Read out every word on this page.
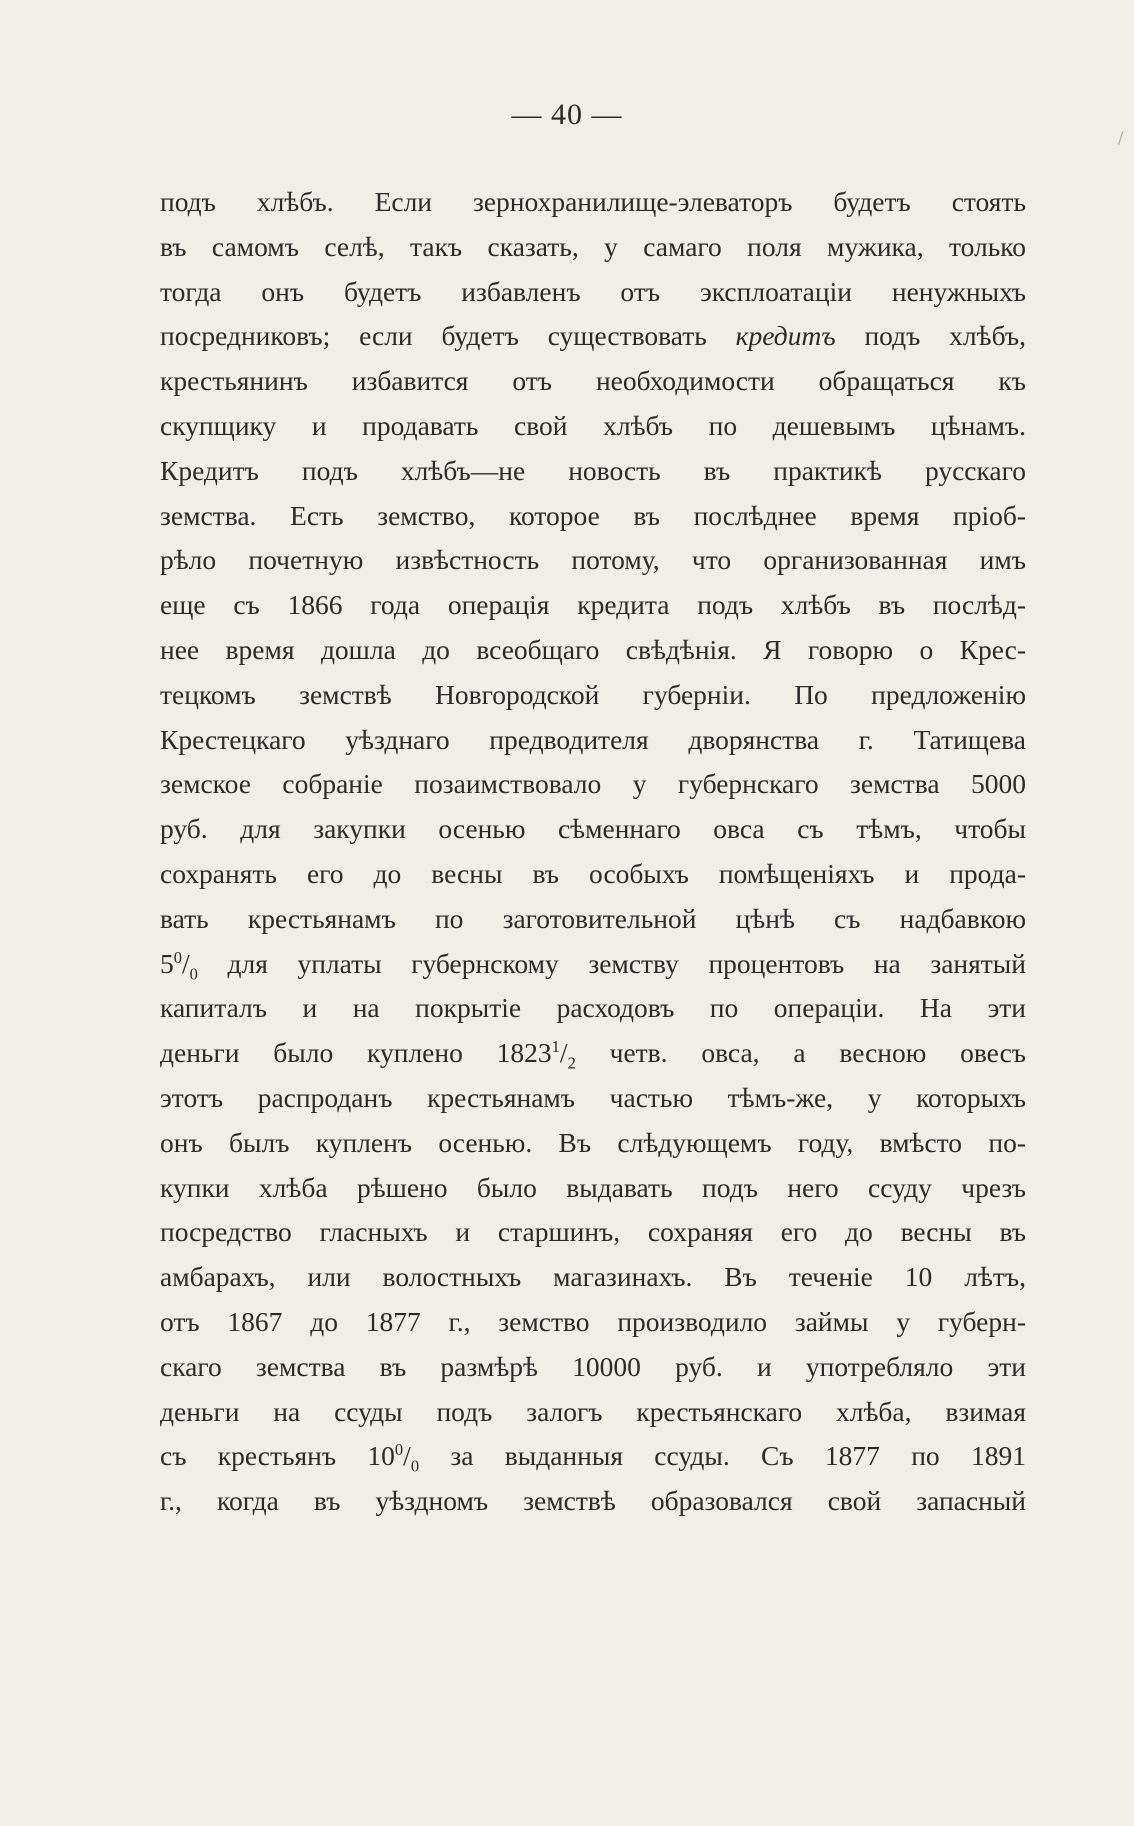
— 40 —
подъ хлѣбъ. Если зернохранилище-элеваторъ будетъ стоять
въ самомъ селѣ, такъ сказать, у самаго поля мужика, только
тогда онъ будетъ избавленъ отъ эксплоатаціи ненужныхъ
посредниковъ; если будетъ существовать кредитъ подъ хлѣбъ,
крестьянинъ избавится отъ необходимости обращаться къ
скупщику и продавать свой хлѣбъ по дешевымъ цѣнамъ.
Кредитъ подъ хлѣбъ—не новость въ практикѣ русскаго
земства. Есть земство, которое въ послѣднее время пріоб-
рѣло почетную извѣстность потому, что организованная имъ
еще съ 1866 года операція кредита подъ хлѣбъ въ послѣд-
нее время дошла до всеобщаго свѣдѣнія. Я говорю о Крес-
тецкомъ земствѣ Новгородской губерніи. По предложенію
Крестецкаго уѣзднаго предводителя дворянства г. Татищева
земское собраніе позаимствовало у губернскаго земства 5000
руб. для закупки осенью сѣменнаго овса съ тѣмъ, чтобы
сохранять его до весны въ особыхъ помѣщеніяхъ и прода-
вать крестьянамъ по заготовительной цѣнѣ съ надбавкою
$5^0/_0$ для уплаты губернскому земству процентовъ на занятый
капиталъ и на покрытіе расходовъ по операціи. На эти
деньги было куплено $1823^1/_2$ четв. овса, а весною овесъ
этотъ распроданъ крестьянамъ частью тѣмъ-же, у которыхъ
онъ былъ купленъ осенью. Въ слѣдующемъ году, вмѣсто по-
купки хлѣба рѣшено было выдавать подъ него ссуду чрезъ
посредство гласныхъ и старшинъ, сохраняя его до весны въ
амбарахъ, или волостныхъ магазинахъ. Въ теченіе 10 лѣтъ,
отъ 1867 до 1877 г., земство производило займы у губерн-
скаго земства въ размѣрѣ 10000 руб. и употребляло эти
деньги на ссуды подъ залогъ крестьянскаго хлѣба, взимая
съ крестьянъ $10^0/_0$ за выданныя ссуды. Съ 1877 по 1891
г., когда въ уѣздномъ земствѣ образовался свой запасный
/
